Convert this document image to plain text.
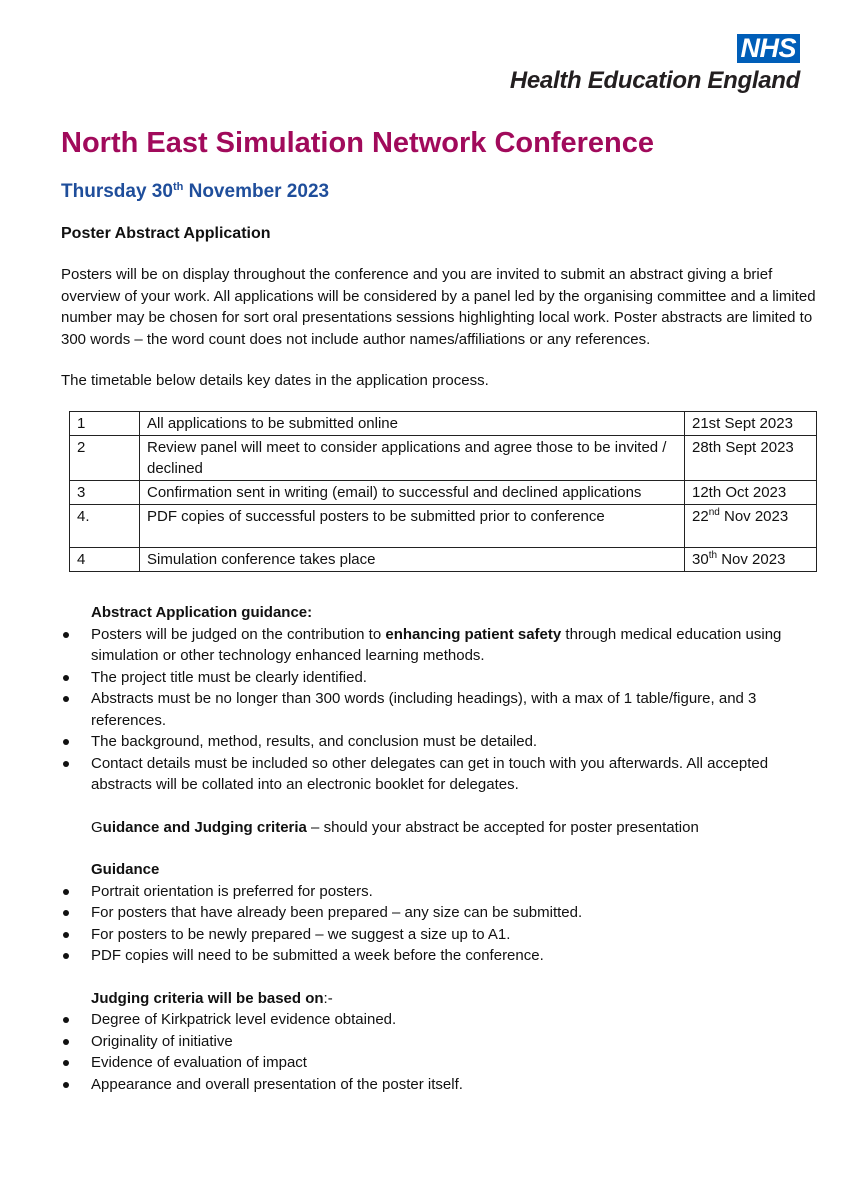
NHS
Health Education England
North East Simulation Network Conference
Thursday 30th November 2023
Poster Abstract Application

Posters will be on display throughout the conference and you are invited to submit an abstract giving a brief overview of your work. All applications will be considered by a panel led by the organising committee and a limited number may be chosen for sort oral presentations sessions highlighting local work. Poster abstracts are limited to 300 words – the word count does not include author names/affiliations or any references.

The timetable below details key dates in the application process.

1	All applications to be submitted online	21st Sept 2023
2	Review panel will meet to consider applications and agree those to be invited / declined	28th Sept 2023
3	Confirmation sent in writing (email) to successful and declined applications	12th Oct 2023
4.	PDF copies of successful posters to be submitted prior to conference	22nd Nov 2023
4	Simulation conference takes place	30th Nov 2023

Abstract Application guidance:

Posters will be judged on the contribution to enhancing patient safety through medical education using simulation or other technology enhanced learning methods.
The project title must be clearly identified.
Abstracts must be no longer than 300 words (including headings), with a max of 1 table/figure, and 3 references.
The background, method, results, and conclusion must be detailed.
Contact details must be included so other delegates can get in touch with you afterwards. All accepted abstracts will be collated into an electronic booklet for delegates.

Guidance and Judging criteria – should your abstract be accepted for poster presentation

Guidance

Portrait orientation is preferred for posters.
For posters that have already been prepared – any size can be submitted.
For posters to be newly prepared – we suggest a size up to A1.
PDF copies will need to be submitted a week before the conference.

Judging criteria will be based on:-

Degree of Kirkpatrick level evidence obtained.
Originality of initiative
Evidence of evaluation of impact
Appearance and overall presentation of the poster itself.
